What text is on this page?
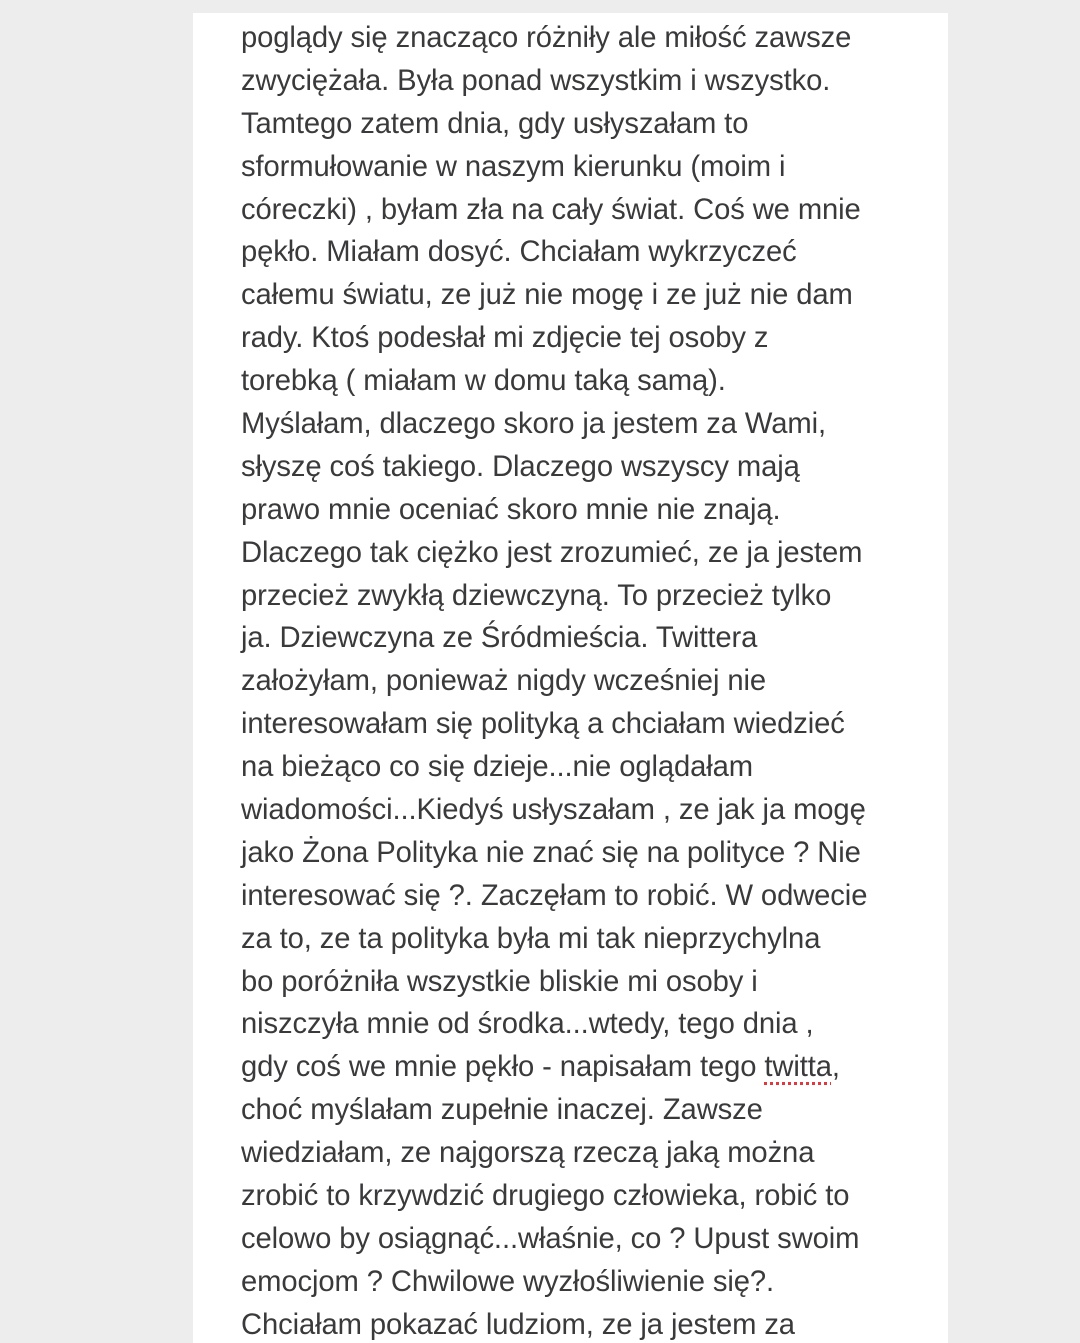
poglądy się znacząco różniły ale miłość zawsze
zwyciężała. Była ponad wszystkim i wszystko.
Tamtego zatem dnia, gdy usłyszałam to
sformułowanie w naszym kierunku (moim i
córeczki) , byłam zła na cały świat. Coś we mnie
pękło. Miałam dosyć. Chciałam wykrzyczeć
całemu światu, ze już nie mogę i ze już nie dam
rady. Ktoś podesłał mi zdjęcie tej osoby z
torebką ( miałam w domu taką samą).
Myślałam, dlaczego skoro ja jestem za Wami,
słyszę coś takiego. Dlaczego wszyscy mają
prawo mnie oceniać skoro mnie nie znają.
Dlaczego tak ciężko jest zrozumieć, ze ja jestem
przecież zwykłą dziewczyną. To przecież tylko
ja. Dziewczyna ze Śródmieścia. Twittera
założyłam, ponieważ nigdy wcześniej nie
interesowałam się polityką a chciałam wiedzieć
na bieżąco co się dzieje...nie oglądałam
wiadomości...Kiedyś usłyszałam , ze jak ja mogę
jako Żona Polityka nie znać się na polityce ? Nie
interesować się ?. Zaczęłam to robić. W odwecie
za to, ze ta polityka była mi tak nieprzychylna
bo poróżniła wszystkie bliskie mi osoby i
niszczyła mnie od środka...wtedy, tego dnia ,
gdy coś we mnie pękło - napisałam tego twitta,
choć myślałam zupełnie inaczej. Zawsze
wiedziałam, ze najgorszą rzeczą jaką można
zrobić to krzywdzić drugiego człowieka, robić to
celowo by osiągnąć...właśnie, co ? Upust swoim
emocjom ? Chwilowe wyzłośliwienie się?.
Chciałam pokazać ludziom, ze ja jestem za
